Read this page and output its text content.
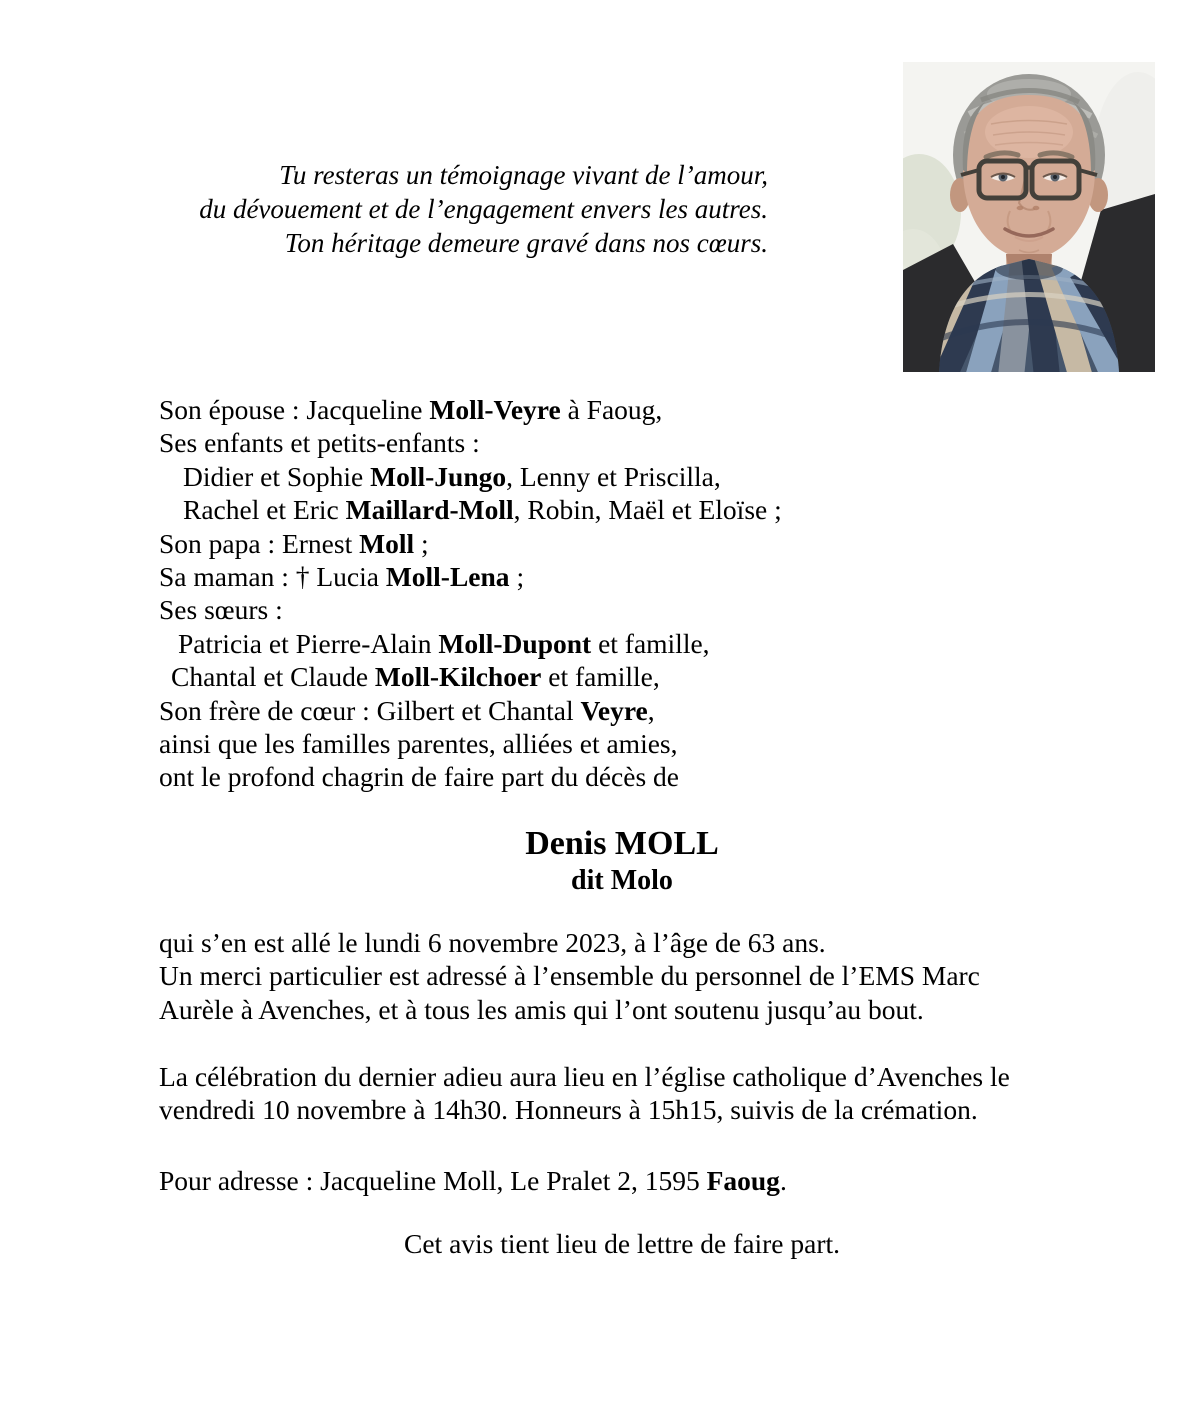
Tu resteras un témoignage vivant de l’amour,
du dévouement et de l’engagement envers les autres.
Ton héritage demeure gravé dans nos cœurs.
Son épouse : Jacqueline Moll-Veyre à Faoug,
Ses enfants et petits-enfants :
Didier et Sophie Moll-Jungo, Lenny et Priscilla,
Rachel et Eric Maillard-Moll, Robin, Maël et Eloïse ;
Son papa : Ernest Moll ;
Sa maman : † Lucia Moll-Lena ;
Ses sœurs :
Patricia et Pierre-Alain Moll-Dupont et famille,
Chantal et Claude Moll-Kilchoer et famille,
Son frère de cœur : Gilbert et Chantal Veyre,
ainsi que les familles parentes, alliées et amies,
ont le profond chagrin de faire part du décès de
Denis MOLL
dit Molo
qui s’en est allé le lundi 6 novembre 2023, à l’âge de 63 ans.
Un merci particulier est adressé à l’ensemble du personnel de l’EMS Marc
Aurèle à Avenches, et à tous les amis qui l’ont soutenu jusqu’au bout.
La célébration du dernier adieu aura lieu en l’église catholique d’Avenches le
vendredi 10 novembre à 14h30. Honneurs à 15h15, suivis de la crémation.
Pour adresse : Jacqueline Moll, Le Pralet 2, 1595 Faoug.
Cet avis tient lieu de lettre de faire part.
